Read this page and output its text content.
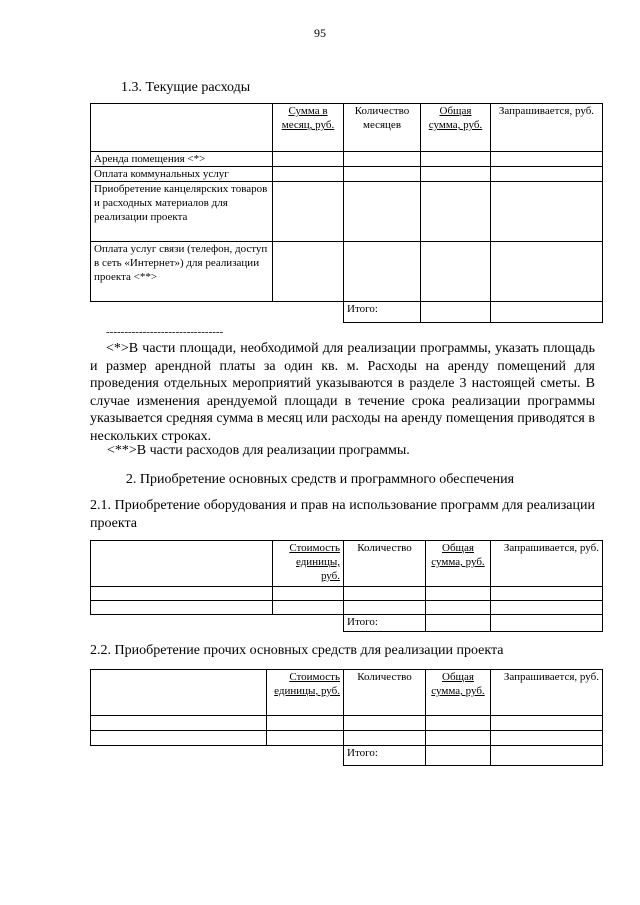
95
1.3. Текущие расходы
	Сумма в месяц, руб.	Количество месяцев	Общая сумма, руб.	Запрашивается, руб.
Аренда помещения <*>				
Оплата коммунальных услуг				
Приобретение канцелярских товаров и расходных материалов для реализации проекта				
Оплата услуг связи (телефон, доступ в сеть «Интернет») для реализации проекта <**>				
		Итого:		
--------------------------------
<*>В части площади, необходимой для реализации программы, указать площадь и размер арендной платы за один кв. м. Расходы на аренду помещений для проведения отдельных мероприятий указываются в разделе 3 настоящей сметы. В случае изменения арендуемой площади в течение срока реализации программы указывается средняя сумма в месяц или расходы на аренду помещения приводятся в нескольких строках.
<**>В части расходов для реализации программы.
2. Приобретение основных средств и программного обеспечения
2.1. Приобретение оборудования и прав на использование программ для реализации проекта
	Стоимость единицы, руб.	Количество	Общая сумма, руб.	Запрашивается, руб.

		Итого:		
2.2. Приобретение прочих основных средств для реализации проекта
	Стоимость единицы, руб.	Количество	Общая сумма, руб.	Запрашивается, руб.

		Итого:		
